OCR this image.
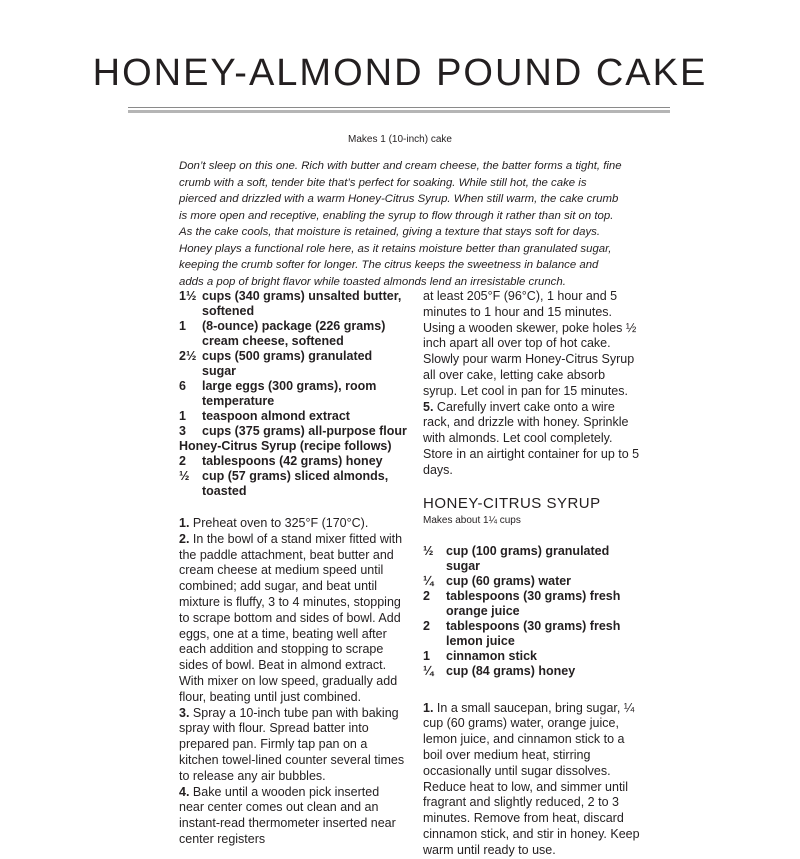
HONEY-ALMOND POUND CAKE
Makes 1 (10-inch) cake

Don’t sleep on this one. Rich with butter and cream cheese, the batter forms a tight, fine crumb with a soft, tender bite that’s perfect for soaking. While still hot, the cake is pierced and drizzled with a warm Honey-Citrus Syrup. When still warm, the cake crumb is more open and receptive, enabling the syrup to flow through it rather than sit on top. As the cake cools, that moisture is retained, giving a texture that stays soft for days. Honey plays a functional role here, as it retains moisture better than granulated sugar, keeping the crumb softer for longer. The citrus keeps the sweetness in balance and adds a pop of bright flavor while toasted almonds lend an irresistable crunch.

1½ cups (340 grams) unsalted butter, softened
1	(8-ounce) package (226 grams) cream cheese, softened
2½ cups (500 grams) granulated sugar
6	large eggs (300 grams), room temperature
1	teaspoon almond extract
3	cups (375 grams) all-purpose flour
Honey-Citrus Syrup (recipe follows)
2	tablespoons (42 grams) honey
½	cup (57 grams) sliced almonds, toasted

1. Preheat oven to 325°F (170°C).

2. In the bowl of a stand mixer fitted with the paddle attachment, beat butter and cream cheese at medium speed until combined; add sugar, and beat until mixture is fluffy, 3 to 4 minutes, stopping to scrape bottom and sides of bowl. Add eggs, one at a time, beating well after each addition and stopping to scrape sides of bowl. Beat in almond extract. With mixer on low speed, gradually add flour, beating until just combined.

3. Spray a 10-inch tube pan with baking spray with flour. Spread batter into prepared pan. Firmly tap pan on a kitchen towel-lined counter several times to release any air bubbles.

4. Bake until a wooden pick inserted near center comes out clean and an instant-read thermometer inserted near center registers

at least 205°F (96°C), 1 hour and 5 minutes to 1 hour and 15 minutes. Using a wooden skewer, poke holes ½ inch apart all over top of hot cake. Slowly pour warm Honey-Citrus Syrup all over cake, letting cake absorb syrup. Let cool in pan for 15 minutes.

5. Carefully invert cake onto a wire rack, and drizzle with honey. Sprinkle with almonds. Let cool completely. Store in an airtight container for up to 5 days.

HONEY-CITRUS SYRUP
Makes about 1¼ cups
½	cup (100 grams) granulated sugar
¼	cup (60 grams) water
2	tablespoons (30 grams) fresh orange juice
2	tablespoons (30 grams) fresh lemon juice
1	cinnamon stick
¼	cup (84 grams) honey

1. In a small saucepan, bring sugar, ¼ cup (60 grams) water, orange juice, lemon juice, and cinnamon stick to a boil over medium heat, stirring occasionally until sugar dissolves. Reduce heat to low, and simmer until fragrant and slightly reduced, 2 to 3 minutes. Remove from heat, discard cinnamon stick, and stir in honey. Keep warm until ready to use.
